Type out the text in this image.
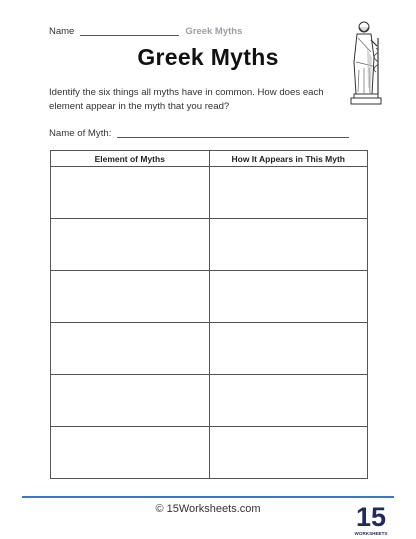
Name	Greek Myths
Greek Myths
Identify the six things all myths have in common. How does each element appear in the myth that you read?
Name of Myth:
Element of Myths	How It Appears in This Myth

© 15Worksheets.com	15
WORKSHEETS
